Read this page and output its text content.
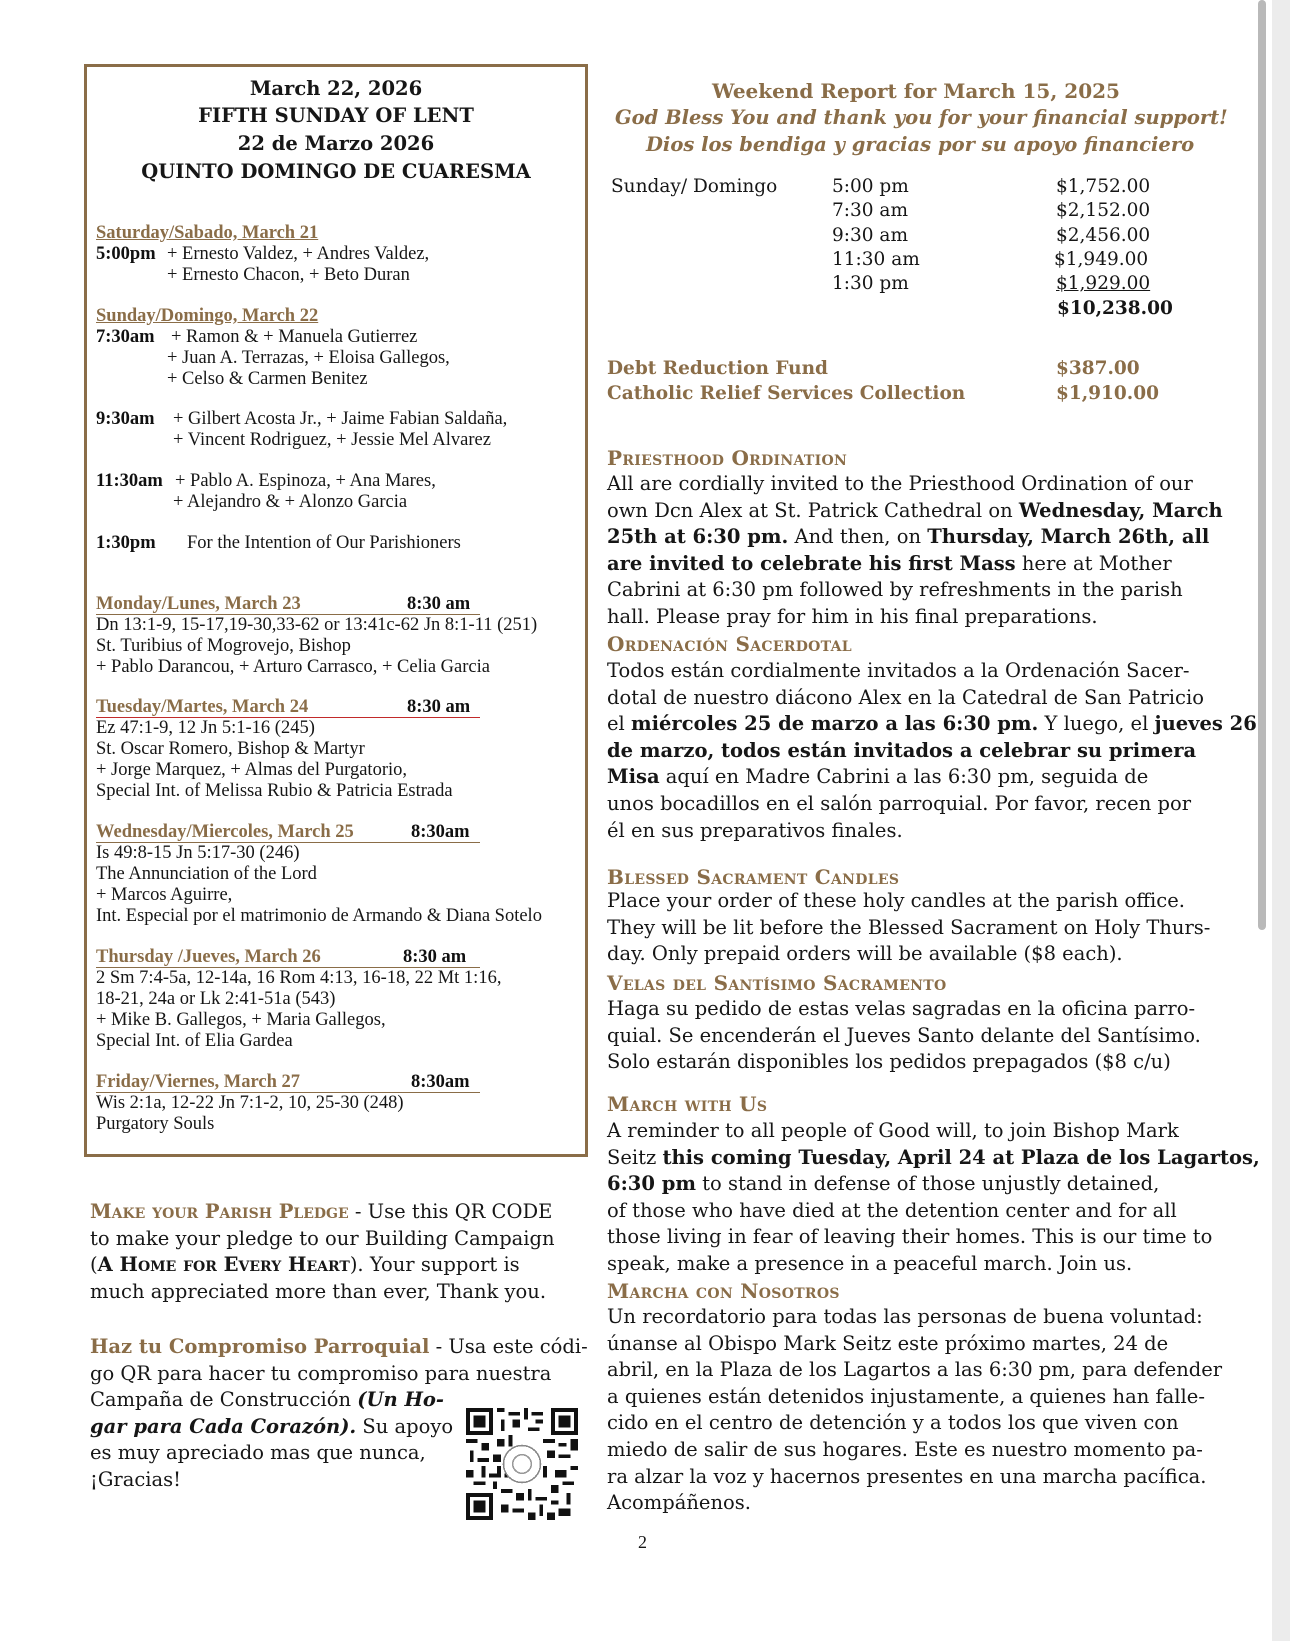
March 22, 2026
FIFTH SUNDAY OF LENT
22 de Marzo 2026
QUINTO DOMINGO DE CUARESMA
Saturday/Sabado, March 21
5:00pm + Ernesto Valdez, + Andres Valdez,
+ Ernesto Chacon, + Beto Duran
Sunday/Domingo, March 22
7:30am + Ramon & + Manuela Gutierrez
+ Juan A. Terrazas, + Eloisa Gallegos,
+ Celso & Carmen Benitez
9:30am + Gilbert Acosta Jr., + Jaime Fabian Saldaña,
+ Vincent Rodriguez, + Jessie Mel Alvarez
11:30am + Pablo A. Espinoza, + Ana Mares,
+ Alejandro & + Alonzo Garcia
1:30pm For the Intention of Our Parishioners
Monday/Lunes, March 23	8:30 am
Dn 13:1-9, 15-17,19-30,33-62 or 13:41c-62 Jn 8:1-11 (251)
St. Turibius of Mogrovejo, Bishop
+ Pablo Darancou, + Arturo Carrasco, + Celia Garcia
Tuesday/Martes, March 24	8:30 am
Ez 47:1-9, 12 Jn 5:1-16 (245)
St. Oscar Romero, Bishop & Martyr
+ Jorge Marquez, + Almas del Purgatorio,
Special Int. of Melissa Rubio & Patricia Estrada
Wednesday/Miercoles, March 25	8:30am
Is 49:8-15 Jn 5:17-30 (246)
The Annunciation of the Lord
+ Marcos Aguirre,
Int. Especial por el matrimonio de Armando & Diana Sotelo
Thursday /Jueves, March 26	8:30 am
2 Sm 7:4-5a, 12-14a, 16 Rom 4:13, 16-18, 22 Mt 1:16,
18-21, 24a or Lk 2:41-51a (543)
+ Mike B. Gallegos, + Maria Gallegos,
Special Int. of Elia Gardea
Friday/Viernes, March 27	8:30am
Wis 2:1a, 12-22 Jn 7:1-2, 10, 25-30 (248)
Purgatory Souls
Make your Parish Pledge - Use this QR CODE
to make your pledge to our Building Campaign
(A Home for Every Heart). Your support is
much appreciated more than ever, Thank you.
Haz tu Compromiso Parroquial - Usa este códi-
go QR para hacer tu compromiso para nuestra
Campaña de Construcción (Un Ho-
gar para Cada Corazón). Su apoyo
es muy apreciado mas que nunca,
¡Gracias!
Weekend Report for March 15, 2025
God Bless You and thank you for your financial support!
Dios los bendiga y gracias por su apoyo financiero
Sunday/ Domingo	5:00 pm	$1,752.00
7:30 am	$2,152.00
9:30 am	$2,456.00
11:30 am	$1,949.00
1:30 pm	$1,929.00
$10,238.00
Debt Reduction Fund	$387.00
Catholic Relief Services Collection	$1,910.00
Priesthood Ordination
All are cordially invited to the Priesthood Ordination of our
own Dcn Alex at St. Patrick Cathedral on Wednesday, March
25th at 6:30 pm. And then, on Thursday, March 26th, all
are invited to celebrate his first Mass here at Mother
Cabrini at 6:30 pm followed by refreshments in the parish
hall. Please pray for him in his final preparations.
Ordenación Sacerdotal
Todos están cordialmente invitados a la Ordenación Sacer-
dotal de nuestro diácono Alex en la Catedral de San Patricio
el miércoles 25 de marzo a las 6:30 pm. Y luego, el jueves 26
de marzo, todos están invitados a celebrar su primera
Misa aquí en Madre Cabrini a las 6:30 pm, seguida de
unos bocadillos en el salón parroquial. Por favor, recen por
él en sus preparativos finales.
Blessed Sacrament Candles
Place your order of these holy candles at the parish office.
They will be lit before the Blessed Sacrament on Holy Thurs-
day. Only prepaid orders will be available ($8 each).
Velas del Santísimo Sacramento
Haga su pedido de estas velas sagradas en la oficina parro-
quial. Se encenderán el Jueves Santo delante del Santísimo.
Solo estarán disponibles los pedidos prepagados ($8 c/u)
March with Us
A reminder to all people of Good will, to join Bishop Mark
Seitz this coming Tuesday, April 24 at Plaza de los Lagartos,
6:30 pm to stand in defense of those unjustly detained,
of those who have died at the detention center and for all
those living in fear of leaving their homes. This is our time to
speak, make a presence in a peaceful march. Join us.
Marcha con Nosotros
Un recordatorio para todas las personas de buena voluntad:
únanse al Obispo Mark Seitz este próximo martes, 24 de
abril, en la Plaza de los Lagartos a las 6:30 pm, para defender
a quienes están detenidos injustamente, a quienes han falle-
cido en el centro de detención y a todos los que viven con
miedo de salir de sus hogares. Este es nuestro momento pa-
ra alzar la voz y hacernos presentes en una marcha pacífica.
Acompáñenos.
2
